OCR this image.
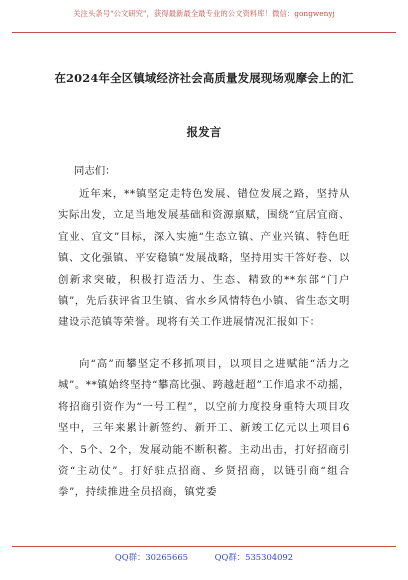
关注头条号"公文研究"，获得最新最全最专业的公文资料库！微信：gongwenyj
在2024年全区镇域经济社会高质量发展现场观摩会上的汇
报发言
同志们：
近年来，**镇坚定走特色发展、错位发展之路，坚持从实际出发，立足当地发展基础和资源禀赋，围绕“宜居宜商、宜业、宜文”目标，深入实施“生态立镇、产业兴镇、特色旺镇、文化强镇、平安稳镇”发展战略，坚持用实干答好卷、以创新求突破，积极打造活力、生态、精致的**东部“门户镇”，先后获评省卫生镇、省水乡风情特色小镇、省生态文明建设示范镇等荣誉。现将有关工作进展情况汇报如下：
向“高”而攀坚定不移抓项目，以项目之进赋能“活力之城”。**镇始终坚持“攀高比强、跨越赶超”工作追求不动摇，将招商引资作为“一号工程”，以空前力度投身重特大项目攻坚中，三年来累计新签约、新开工、新竣工亿元以上项目6个、5个、2个，发展动能不断积蓄。主动出击，打好招商引资“主动仗”。打好驻点招商、乡贤招商，以链引商“组合拳”，持续推进全员招商，镇党委
QQ群：30265665	QQ群：535304092
